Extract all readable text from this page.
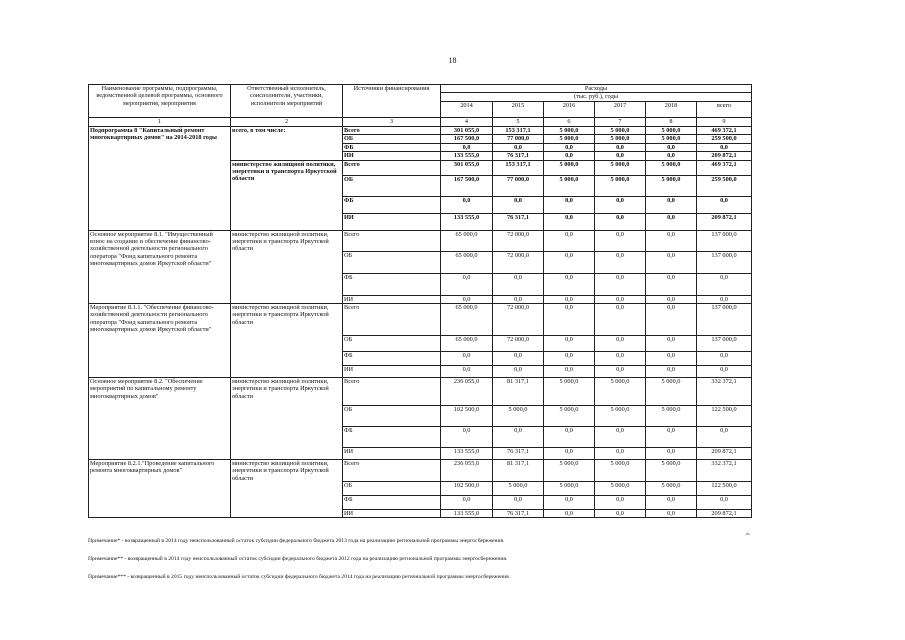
18
Наименование программы, подпрограммы, ведомственной целевой программы, основного мероприятия, мероприятия	Ответственный исполнитель, соисполнители, участники, исполнители мероприятий	Источники финансирования	Расходы					
			(тыс. руб.), годы					
			2014	2015	2016	2017	2018	всего
1	2	3	4	5	6	7	8	9
Подпрограмма 8 "Капитальный ремонт многоквартирных домов" на 2014-2018 годы	всего, в том числе:	Всего	301 055,0	153 317,1	5 000,0	5 000,0	5 000,0	469 372,1
		ОБ	167 500,0	77 000,0	5 000,0	5 000,0	5 000,0	259 500,0
		ФБ	0,0	0,0	0,0	0,0	0,0	0,0
		ИИ	133 555,0	76 317,1	0,0	0,0	0,0	209 872,1
	министерство жилищной политики, энергетики и транспорта Иркутской области	Всего	301 055,0	153 317,1	5 000,0	5 000,0	5 000,0	469 372,1
		ОБ	167 500,0	77 000,0	5 000,0	5 000,0	5 000,0	259 500,0
		ФБ	0,0	0,0	0,0	0,0	0,0	0,0
		ИИ	133 555,0	76 317,1	0,0	0,0	0,0	209 872,1
Основное мероприятие 8.1. "Имущественный взнос на создание и обеспечение финансово-хозяйственной деятельности регионального оператора "Фонд капитального ремонта многоквартирных домов Иркутской области"	министерство жилищной политики, энергетики и транспорта Иркутской области	Всего	65 000,0	72 000,0	0,0	0,0	0,0	137 000,0
		ОБ	65 000,0	72 000,0	0,0	0,0	0,0	137 000,0
		ФБ	0,0	0,0	0,0	0,0	0,0	0,0
		ИИ	0,0	0,0	0,0	0,0	0,0	0,0
Мероприятие 8.1.1. "Обеспечение финансово-хозяйственной деятельности регионального оператора "Фонд капитального ремонта многоквартирных домов Иркутской области"	министерство жилищной политики, энергетики и транспорта Иркутской области	Всего	65 000,0	72 000,0	0,0	0,0	0,0	137 000,0
		ОБ	65 000,0	72 000,0	0,0	0,0	0,0	137 000,0
		ФБ	0,0	0,0	0,0	0,0	0,0	0,0
		ИИ	0,0	0,0	0,0	0,0	0,0	0,0
Основное мероприятие 8.2. "Обеспечение мероприятий по капитальному ремонту многоквартирных домов"	министерство жилищной политики, энергетики и транспорта Иркутской области	Всего	236 055,0	81 317,1	5 000,0	5 000,0	5 000,0	332 372,1
		ОБ	102 500,0	5 000,0	5 000,0	5 000,0	5 000,0	122 500,0
		ФБ	0,0	0,0	0,0	0,0	0,0	0,0
		ИИ	133 555,0	76 317,1	0,0	0,0	0,0	209 872,1
Мероприятие 8.2.1."Проведение капитального ремонта многоквартирных домов"	министерство жилищной политики, энергетики и транспорта Иркутской области	Всего	236 055,0	81 317,1	5 000,0	5 000,0	5 000,0	332 372,1
		ОБ	102 500,0	5 000,0	5 000,0	5 000,0	5 000,0	122 500,0
		ФБ	0,0	0,0	0,0	0,0	0,0	0,0
		ИИ	133 555,0	76 317,1	0,0	0,0	0,0	209 872,1
».

Примечание* - возвращенный в 2014 году неиспользованный остаток субсидии федерального бюджета 2013 года на реализацию региональной программы энергосбережения.

Примечание** - возвращенный в 2014 году неиспользованный остаток субсидии федерального бюджета 2012 года на реализацию региональной программы энергосбережения.

Примечание*** - возвращенный в 2015 году неиспользованный остаток субсидии федерального бюджета 2014 года на реализацию региональной программы энергосбережения.
